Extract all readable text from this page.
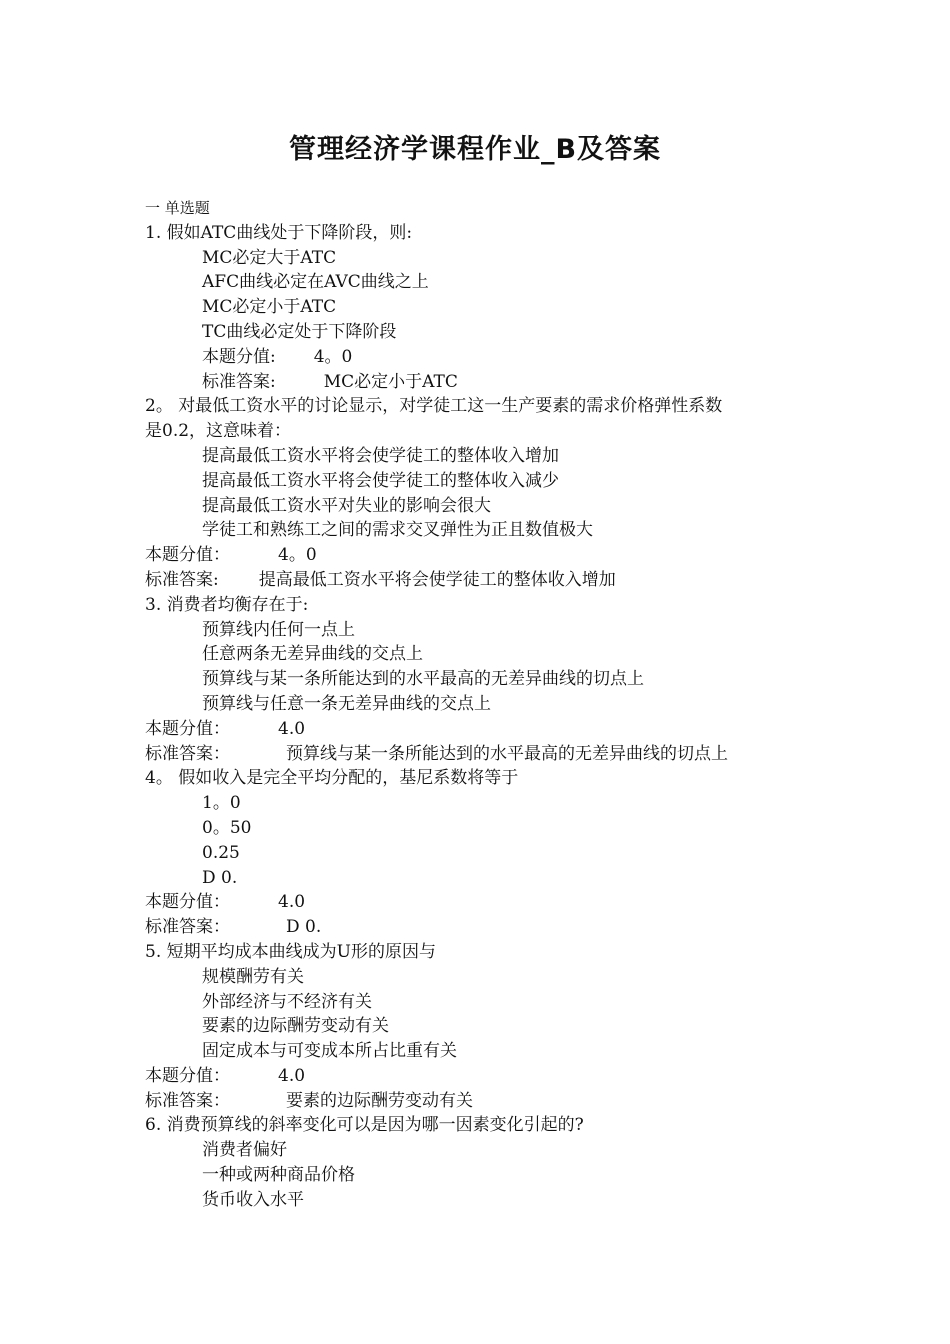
管理经济学课程作业_B及答案
一 单选题
1. 假如ATC曲线处于下降阶段，则:
MC必定大于ATC
AFC曲线必定在AVC曲线之上
MC必定小于ATC
TC曲线必定处于下降阶段
本题分值: 4。0
标准答案:	MC必定小于ATC
2。 对最低工资水平的讨论显示，对学徒工这一生产要素的需求价格弹性系数
是0.2，这意味着：
提高最低工资水平将会使学徒工的整体收入增加
提高最低工资水平将会使学徒工的整体收入减少
提高最低工资水平对失业的影响会很大
学徒工和熟练工之间的需求交叉弹性为正且数值极大
本题分值：	4。0
标准答案: 提高最低工资水平将会使学徒工的整体收入增加
3. 消费者均衡存在于:
预算线内任何一点上
任意两条无差异曲线的交点上
预算线与某一条所能达到的水平最高的无差异曲线的切点上
预算线与任意一条无差异曲线的交点上
本题分值：	4.0
标准答案：	预算线与某一条所能达到的水平最高的无差异曲线的切点上
4。 假如收入是完全平均分配的，基尼系数将等于
1。0
0。50
0.25
D 0.
本题分值：	4.0
标准答案：	D 0.
5. 短期平均成本曲线成为U形的原因与
规模酬劳有关
外部经济与不经济有关
要素的边际酬劳变动有关
固定成本与可变成本所占比重有关
本题分值：	4.0
标准答案：	要素的边际酬劳变动有关
6. 消费预算线的斜率变化可以是因为哪一因素变化引起的?
消费者偏好
一种或两种商品价格
货币收入水平
